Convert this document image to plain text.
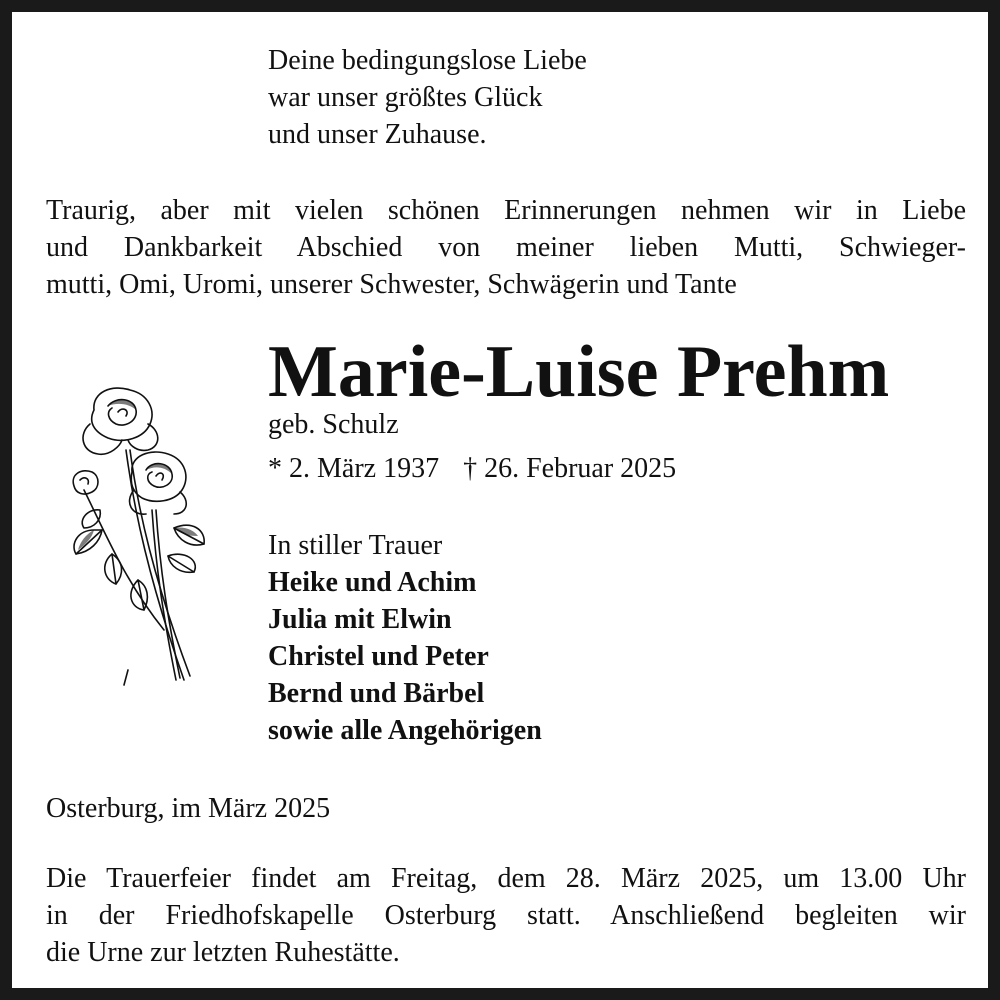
Deine bedingungslose Liebe
war unser größtes Glück
und unser Zuhause.
Traurig, aber mit vielen schönen Erinnerungen nehmen wir in Liebe
und Dankbarkeit Abschied von meiner lieben Mutti, Schwieger-
mutti, Omi, Uromi, unserer Schwester, Schwägerin und Tante
Marie-Luise Prehm
geb. Schulz
* 2. März 1937 † 26. Februar 2025
In stiller Trauer
Heike und Achim
Julia mit Elwin
Christel und Peter
Bernd und Bärbel
sowie alle Angehörigen
Osterburg, im März 2025
Die Trauerfeier findet am Freitag, dem 28. März 2025, um 13.00 Uhr
in der Friedhofskapelle Osterburg statt. Anschließend begleiten wir
die Urne zur letzten Ruhestätte.
